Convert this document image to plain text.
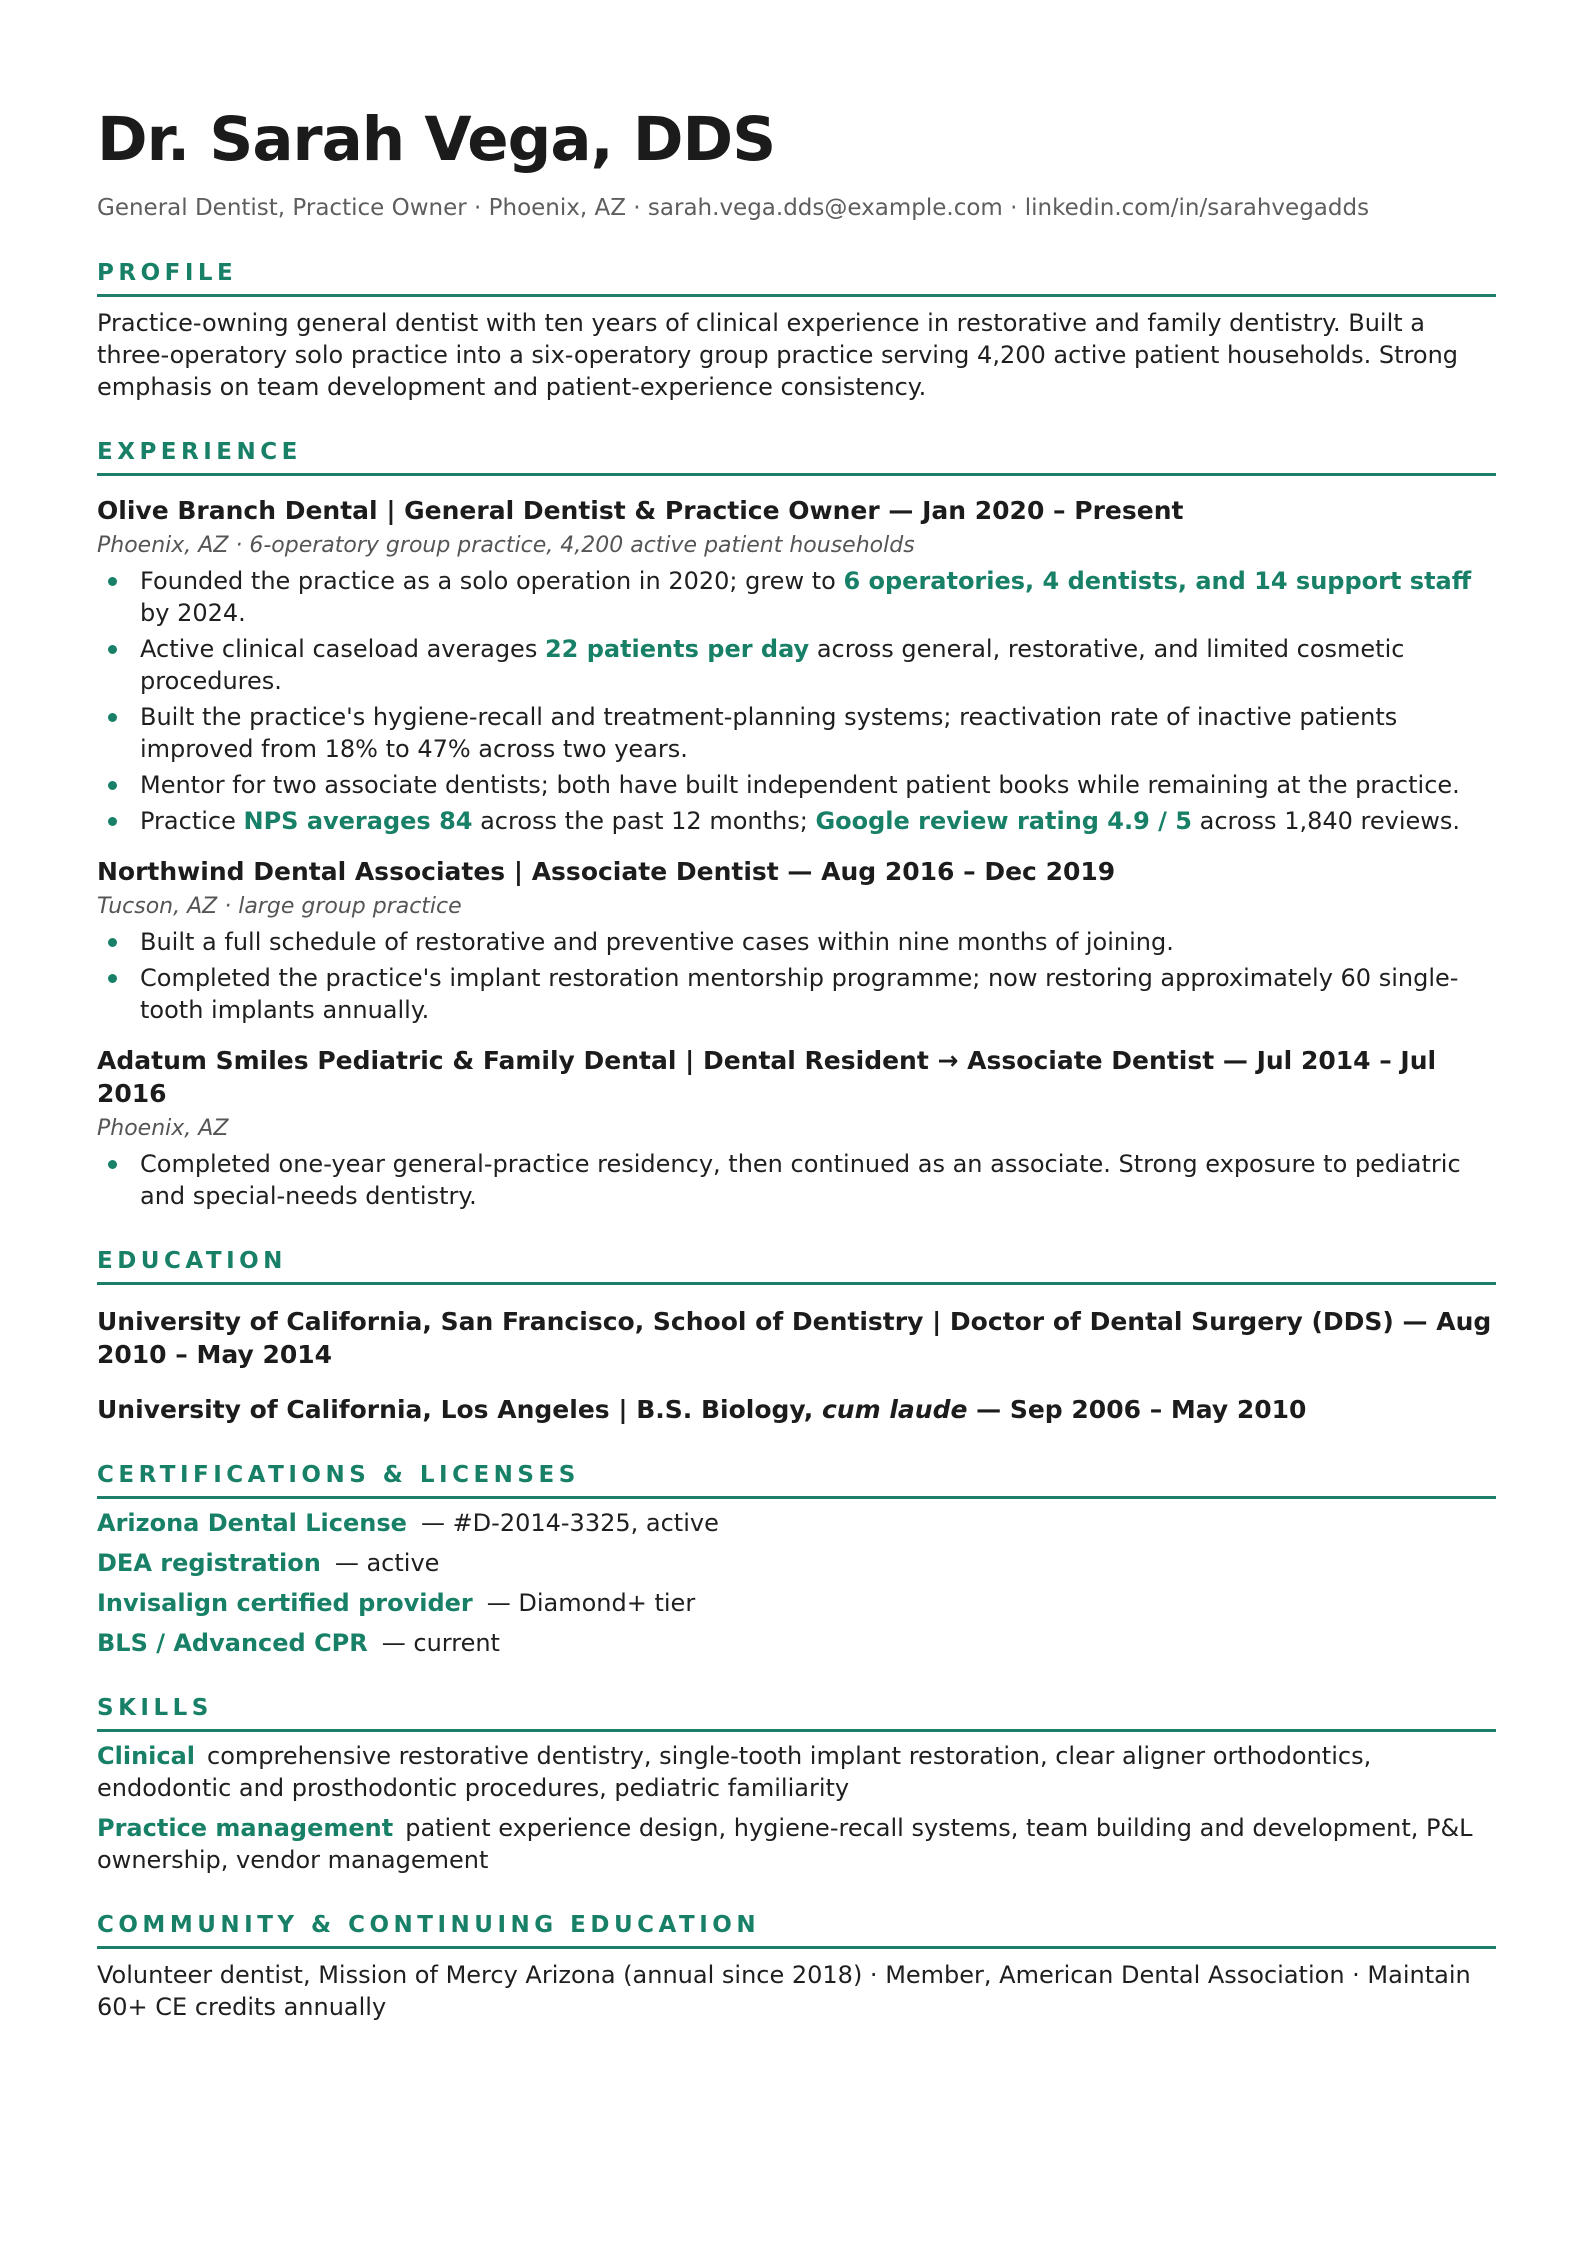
Dr. Sarah Vega, DDS
General Dentist, Practice Owner · Phoenix, AZ · sarah.vega.dds@example.com · linkedin.com/in/sarahvegadds
PROFILE
Practice-owning general dentist with ten years of clinical experience in restorative and family dentistry. Built a three-operatory solo practice into a six-operatory group practice serving 4,200 active patient households. Strong emphasis on team development and patient-experience consistency.
EXPERIENCE
Olive Branch Dental | General Dentist & Practice Owner — Jan 2020 – Present
Phoenix, AZ · 6-operatory group practice, 4,200 active patient households
Founded the practice as a solo operation in 2020; grew to 6 operatories, 4 dentists, and 14 support staff by 2024.
Active clinical caseload averages 22 patients per day across general, restorative, and limited cosmetic procedures.
Built the practice's hygiene-recall and treatment-planning systems; reactivation rate of inactive patients improved from 18% to 47% across two years.
Mentor for two associate dentists; both have built independent patient books while remaining at the practice.
Practice NPS averages 84 across the past 12 months; Google review rating 4.9 / 5 across 1,840 reviews.
Northwind Dental Associates | Associate Dentist — Aug 2016 – Dec 2019
Tucson, AZ · large group practice
Built a full schedule of restorative and preventive cases within nine months of joining.
Completed the practice's implant restoration mentorship programme; now restoring approximately 60 single-tooth implants annually.
Adatum Smiles Pediatric & Family Dental | Dental Resident → Associate Dentist — Jul 2014 – Jul 2016
Phoenix, AZ
Completed one-year general-practice residency, then continued as an associate. Strong exposure to pediatric and special-needs dentistry.
EDUCATION
University of California, San Francisco, School of Dentistry | Doctor of Dental Surgery (DDS) — Aug 2010 – May 2014
University of California, Los Angeles | B.S. Biology, cum laude — Sep 2006 – May 2010
CERTIFICATIONS & LICENSES
Arizona Dental License — #D-2014-3325, active
DEA registration — active
Invisalign certified provider — Diamond+ tier
BLS / Advanced CPR — current
SKILLS
Clinical comprehensive restorative dentistry, single-tooth implant restoration, clear aligner orthodontics, endodontic and prosthodontic procedures, pediatric familiarity
Practice management patient experience design, hygiene-recall systems, team building and development, P&L ownership, vendor management
COMMUNITY & CONTINUING EDUCATION
Volunteer dentist, Mission of Mercy Arizona (annual since 2018) · Member, American Dental Association · Maintain 60+ CE credits annually
